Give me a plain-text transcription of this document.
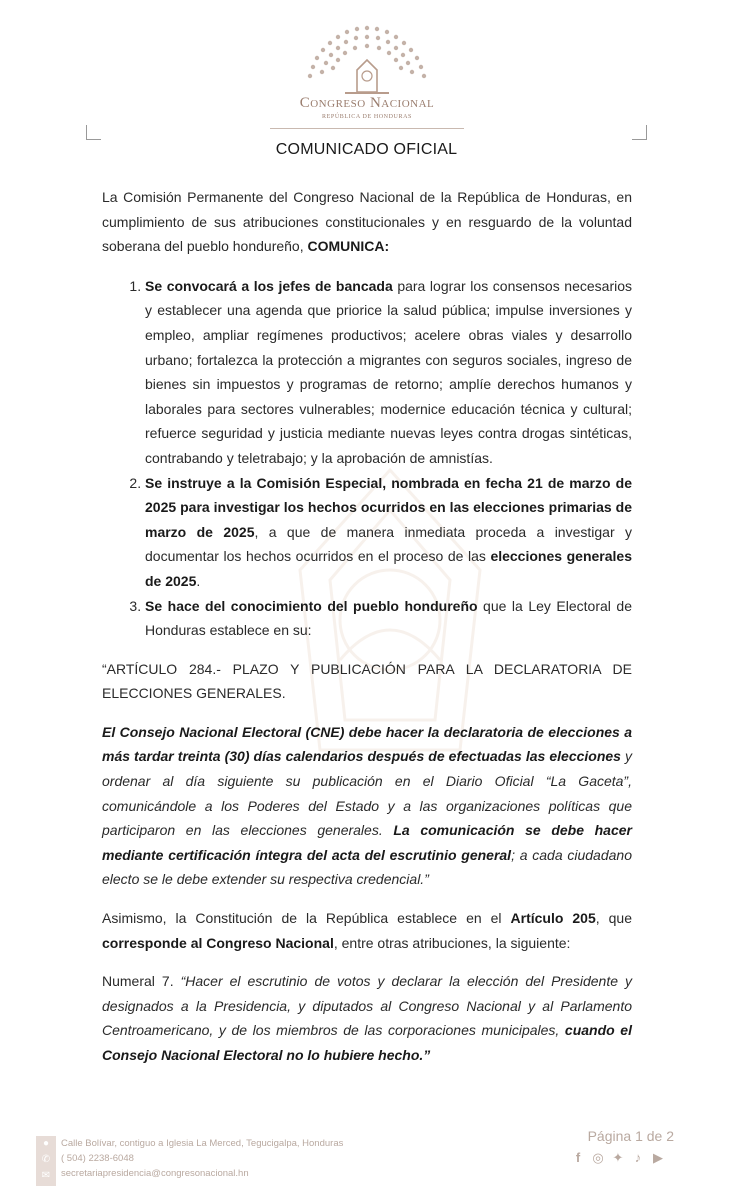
Congreso Nacional
REPÚBLICA DE HONDURAS
COMUNICADO OFICIAL

La Comisión Permanente del Congreso Nacional de la República de Honduras, en cumplimiento de sus atribuciones constitucionales y en resguardo de la voluntad soberana del pueblo hondureño, COMUNICA:

1. Se convocará a los jefes de bancada para lograr los consensos necesarios y establecer una agenda que priorice la salud pública; impulse inversiones y empleo, ampliar regímenes productivos; acelere obras viales y desarrollo urbano; fortalezca la protección a migrantes con seguros sociales, ingreso de bienes sin impuestos y programas de retorno; amplíe derechos humanos y laborales para sectores vulnerables; modernice educación técnica y cultural; refuerce seguridad y justicia mediante nuevas leyes contra drogas sintéticas, contrabando y teletrabajo; y la aprobación de amnistías.
2. Se instruye a la Comisión Especial, nombrada en fecha 21 de marzo de 2025 para investigar los hechos ocurridos en las elecciones primarias de marzo de 2025, a que de manera inmediata proceda a investigar y documentar los hechos ocurridos en el proceso de las elecciones generales de 2025.
3. Se hace del conocimiento del pueblo hondureño que la Ley Electoral de Honduras establece en su:

“ARTÍCULO 284.- PLAZO Y PUBLICACIÓN PARA LA DECLARATORIA DE ELECCIONES GENERALES.

El Consejo Nacional Electoral (CNE) debe hacer la declaratoria de elecciones a más tardar treinta (30) días calendarios después de efectuadas las elecciones y ordenar al día siguiente su publicación en el Diario Oficial “La Gaceta”, comunicándole a los Poderes del Estado y a las organizaciones políticas que participaron en las elecciones generales. La comunicación se debe hacer mediante certificación íntegra del acta del escrutinio general; a cada ciudadano electo se le debe extender su respectiva credencial.”

Asimismo, la Constitución de la República establece en el Artículo 205, que corresponde al Congreso Nacional, entre otras atribuciones, la siguiente:

Numeral 7. “Hacer el escrutinio de votos y declarar la elección del Presidente y designados a la Presidencia, y diputados al Congreso Nacional y al Parlamento Centroamericano, y de los miembros de las corporaciones municipales, cuando el Consejo Nacional Electoral no lo hubiere hecho.”

●
✆
✉
Calle Bolívar, contiguo a Iglesia La Merced, Tegucigalpa, Honduras
( 504) 2238-6048
secretariapresidencia@congresonacional.hn
Página 1 de 2
f ◎ ✦ ♪ ▶
